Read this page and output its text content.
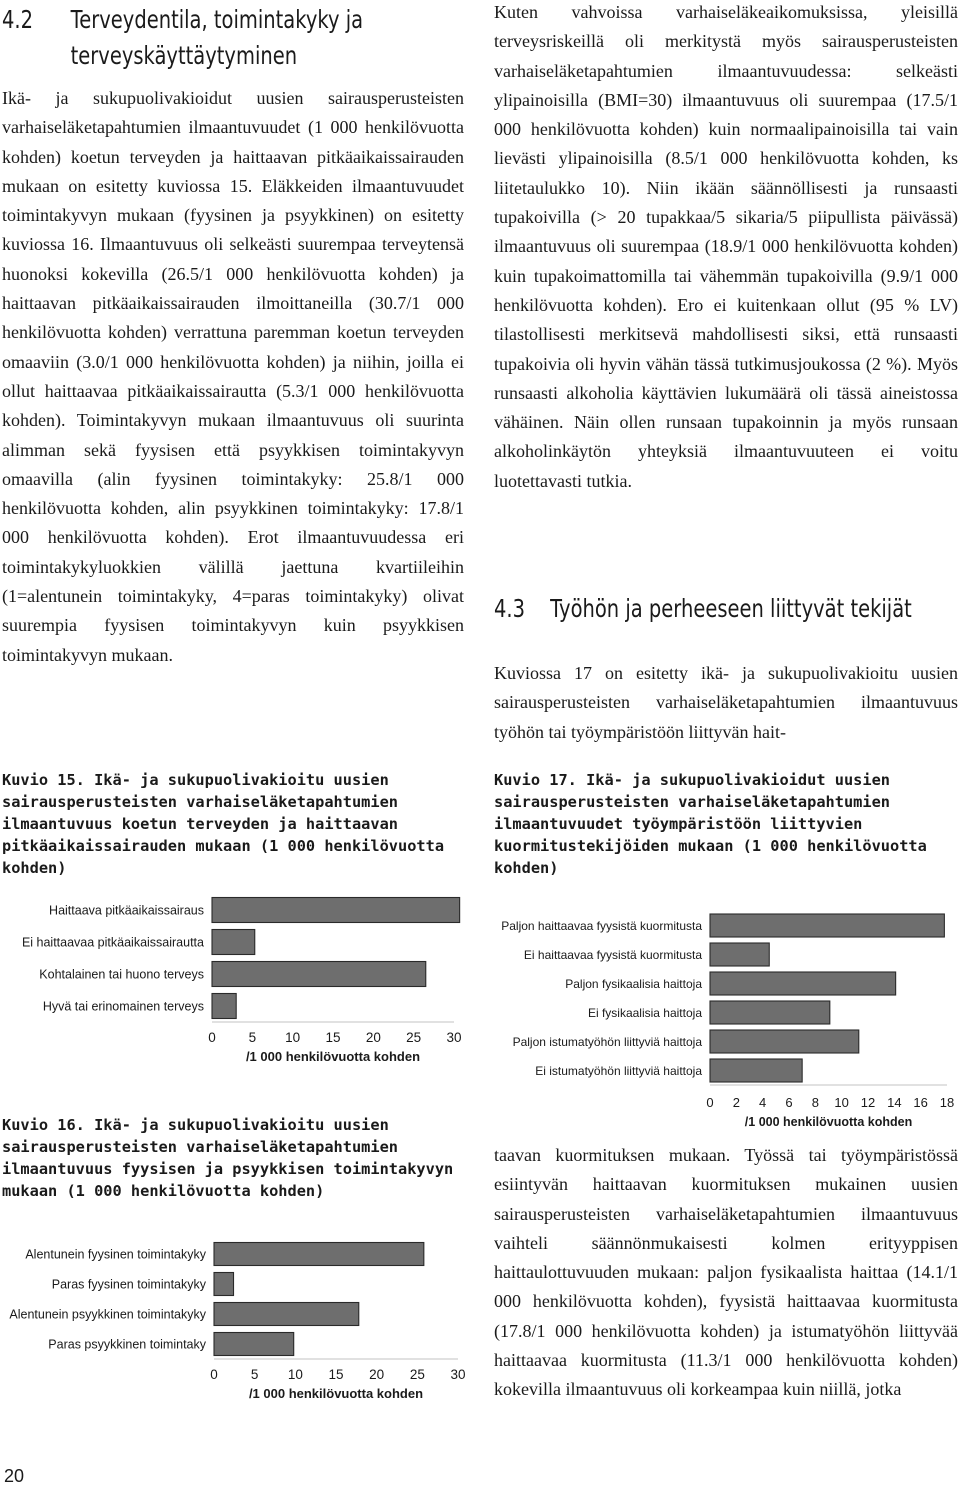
4.2 Terveydentila, toimintakyky ja
terveyskäyttäytyminen

Ikä- ja sukupuolivakioidut uusien sairausperusteisten varhaiseläketapahtumien ilmaantuvuudet (1 000 henkilövuotta kohden) koetun terveyden ja haittaavan pitkäaikaissairauden mukaan on esitetty kuviossa 15. Eläkkeiden ilmaantuvuudet toimintakyvyn mukaan (fyysinen ja psyykkinen) on esitetty kuviossa 16. Ilmaantuvuus oli selkeästi suurempaa terveytensä huonoksi kokevilla (26.5/1 000 henkilövuotta kohden) ja haittaavan pitkäaikaissairauden ilmoittaneilla (30.7/1 000 henkilövuotta kohden) verrattuna paremman koetun terveyden omaaviin (3.0/1 000 henkilövuotta kohden) ja niihin, joilla ei ollut haittaavaa pitkäaikaissairautta (5.3/1 000 henkilövuotta kohden). Toimintakyvyn mukaan ilmaantuvuus oli suurinta alimman sekä fyysisen että psyykkisen toimintakyvyn omaavilla (alin fyysinen toimintakyky: 25.8/1 000 henkilövuotta kohden, alin psyykkinen toimintakyky: 17.8/1 000 henkilövuotta kohden). Erot ilmaantuvuudessa eri toimintakykyluokkien välillä jaettuna kvartiileihin (1=alentunein toimintakyky, 4=paras toimintakyky) olivat suurempia fyysisen toimintakyvyn kuin psyykkisen toimintakyvyn mukaan.

Kuvio 15. Ikä- ja sukupuolivakioitu uusien sairausperusteisten varhaiseläketapahtumien ilmaantuvuus koetun terveyden ja haittaavan pitkäaikaissairauden mukaan (1 000 henkilövuotta kohden)

Haittaava pitkäaikaissairaus
Ei haittaavaa pitkäaikaissairautta
Kohtalainen tai huono terveys
Hyvä tai erinomainen terveys
0 5 10 15 20 25 30
/1 000 henkilövuotta kohden

Kuvio 16. Ikä- ja sukupuolivakioitu uusien sairausperusteisten varhaiseläketapahtumien ilmaantuvuus fyysisen ja psyykkisen toimintakyvyn mukaan (1 000 henkilövuotta kohden)

Alentunein fyysinen toimintakyky
Paras fyysinen toimintakyky
Alentunein psyykkinen toimintakyky
Paras psyykkinen toimintaky
0 5 10 15 20 25 30
/1 000 henkilövuotta kohden

Kuten vahvoissa varhaiseläkeaikomuksissa, yleisillä terveysriskeillä oli merkitystä myös sairausperusteisten varhaiseläketapahtumien ilmaantuvuudessa: selkeästi ylipainoisilla (BMI=30) ilmaantuvuus oli suurempaa (17.5/1 000 henkilövuotta kohden) kuin normaalipainoisilla tai vain lievästi ylipainoisilla (8.5/1 000 henkilövuotta kohden, ks liitetaulukko 10). Niin ikään säännöllisesti ja runsaasti tupakoivilla (> 20 tupakkaa/5 sikaria/5 piipullista päivässä) ilmaantuvuus oli suurempaa (18.9/1 000 henkilövuotta kohden) kuin tupakoimattomilla tai vähemmän tupakoivilla (9.9/1 000 henkilövuotta kohden). Ero ei kuitenkaan ollut (95 % LV) tilastollisesti merkitsevä mahdollisesti siksi, että runsaasti tupakoivia oli hyvin vähän tässä tutkimusjoukossa (2 %). Myös runsaasti alkoholia käyttävien lukumäärä oli tässä aineistossa vähäinen. Näin ollen runsaan tupakoinnin ja myös runsaan alkoholinkäytön yhteyksiä ilmaantuvuuteen ei voitu luotettavasti tutkia.

4.3 Työhön ja perheeseen liittyvät tekijät

Kuviossa 17 on esitetty ikä- ja sukupuolivakioitu uusien sairausperusteisten varhaiseläketapahtumien ilmaantuvuus työhön tai työympäristöön liittyvän hait-

Kuvio 17. Ikä- ja sukupuolivakioidut uusien sairausperusteisten varhaiseläketapahtumien ilmaantuvuudet työympäristöön liittyvien kuormitustekijöiden mukaan (1 000 henkilövuotta kohden)

Paljon haittaavaa fyysistä kuormitusta
Ei haittaavaa fyysistä kuormitusta
Paljon fysikaalisia haittoja
Ei fysikaalisia haittoja
Paljon istumatyöhön liittyviä haittoja
Ei istumatyöhön liittyviä haittoja
0 2 4 6 8 10 12 14 16 18
/1 000 henkilövuotta kohden

taavan kuormituksen mukaan. Työssä tai työympäristössä esiintyvän haittaavan kuormituksen mukainen uusien sairausperusteisten varhaiseläketapahtumien ilmaantuvuus vaihteli säännönmukaisesti kolmen erityyppisen haittaulottuvuuden mukaan: paljon fysikaalista haittaa (14.1/1 000 henkilövuotta kohden), fyysistä haittaavaa kuormitusta (17.8/1 000 henkilövuotta kohden) ja istumatyöhön liittyvää haittaavaa kuormitusta (11.3/1 000 henkilövuotta kohden) kokevilla ilmaantuvuus oli korkeampaa kuin niillä, jotka

20
